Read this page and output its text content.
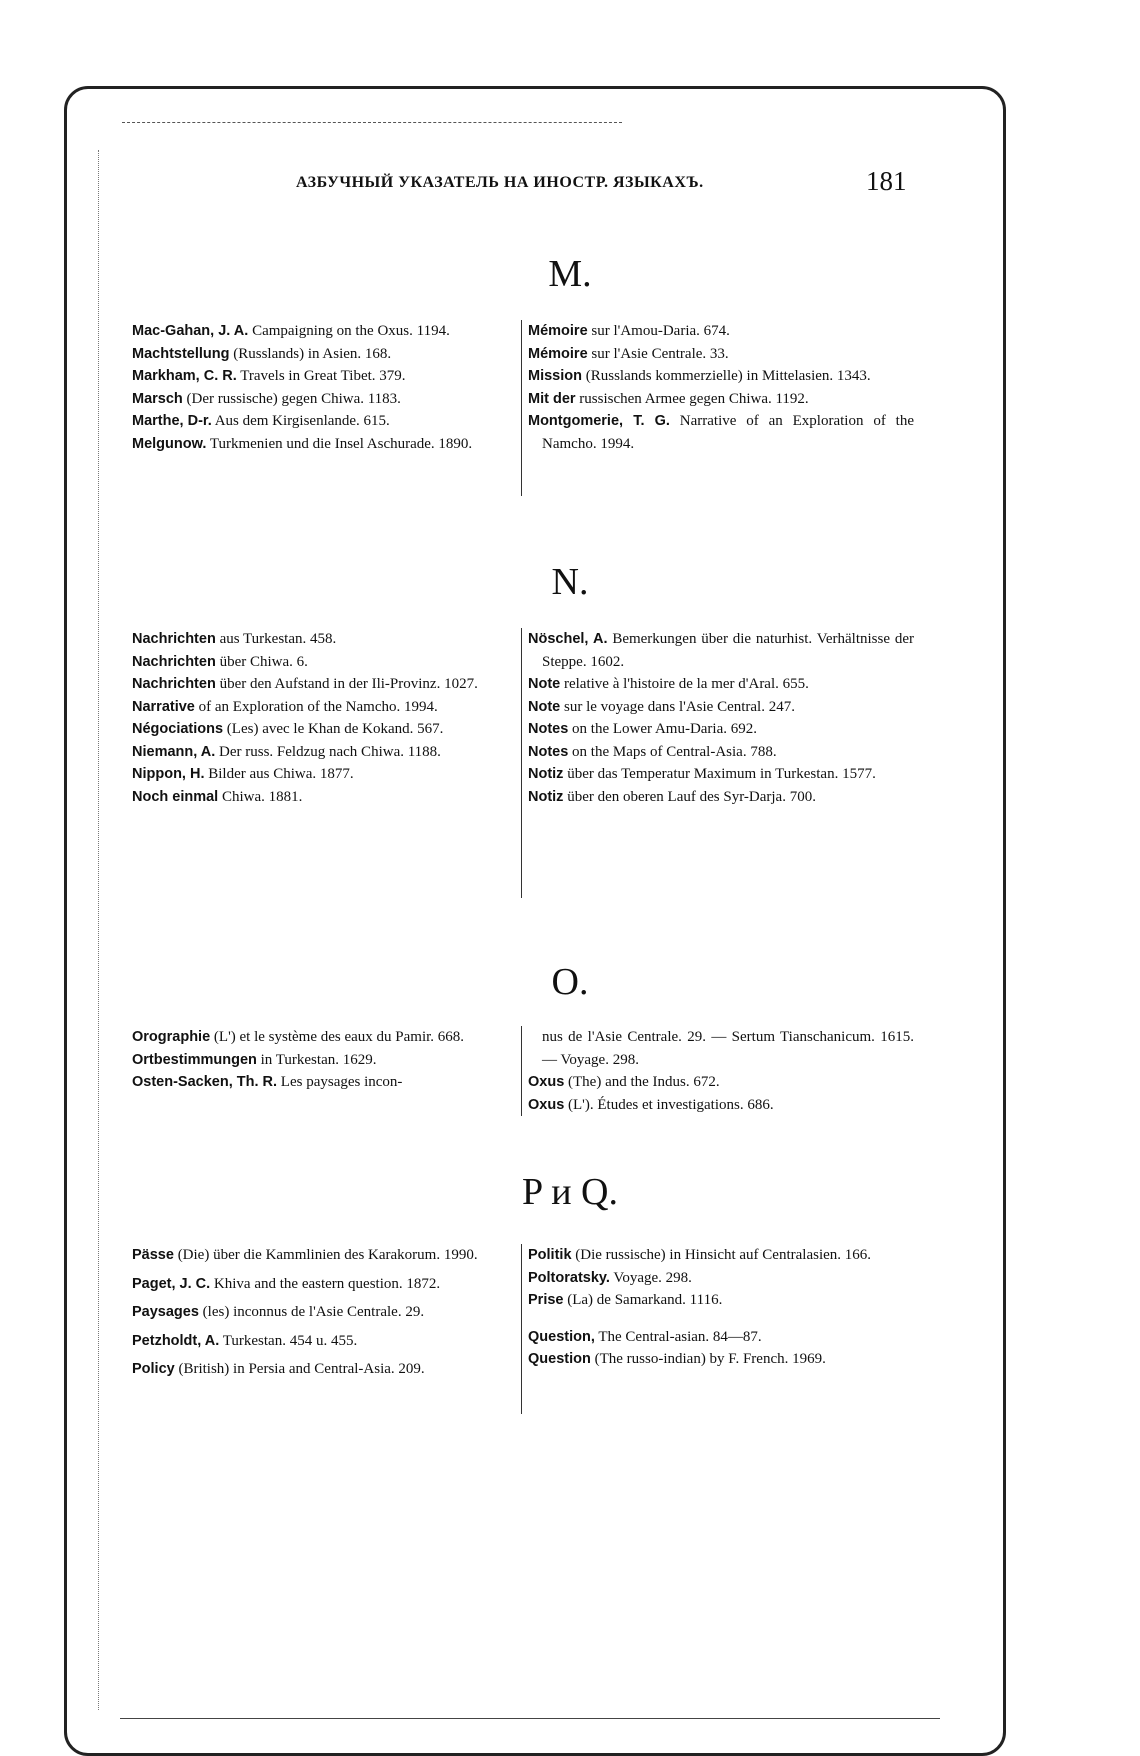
АЗБУЧНЫЙ УКАЗАТЕЛЬ НА ИНОСТР. ЯЗЫКАХЪ.	181
M.
Mac-Gahan, J. A. Campaigning on the Oxus. 1194.
Machtstellung (Russlands) in Asien. 168.
Markham, C. R. Travels in Great Tibet. 379.
Marsch (Der russische) gegen Chiwa. 1183.
Marthe, D-r. Aus dem Kirgisenlande. 615.
Melgunow. Turkmenien und die Insel Aschurade. 1890.
Mémoire sur l'Amou-Daria. 674.
Mémoire sur l'Asie Centrale. 33.
Mission (Russlands kommerzielle) in Mittelasien. 1343.
Mit der russischen Armee gegen Chiwa. 1192.
Montgomerie, T. G. Narrative of an Exploration of the Namcho. 1994.
N.
Nachrichten aus Turkestan. 458.
Nachrichten über Chiwa. 6.
Nachrichten über den Aufstand in der Ili-Provinz. 1027.
Narrative of an Exploration of the Namcho. 1994.
Négociations (Les) avec le Khan de Kokand. 567.
Niemann, A. Der russ. Feldzug nach Chiwa. 1188.
Nippon, H. Bilder aus Chiwa. 1877.
Noch einmal Chiwa. 1881.
Nöschel, A. Bemerkungen über die naturhist. Verhältnisse der Steppe. 1602.
Note relative à l'histoire de la mer d'Aral. 655.
Note sur le voyage dans l'Asie Central. 247.
Notes on the Lower Amu-Daria. 692.
Notes on the Maps of Central-Asia. 788.
Notiz über das Temperatur Maximum in Turkestan. 1577.
Notiz über den oberen Lauf des Syr-Darja. 700.
O.
Orographie (L') et le système des eaux du Pamir. 668.
Ortbestimmungen in Turkestan. 1629.
Osten-Sacken, Th. R. Les paysages incon-
nus de l'Asie Centrale. 29. — Sertum Tianschanicum. 1615. — Voyage. 298.
Oxus (The) and the Indus. 672.
Oxus (L'). Études et investigations. 686.
P и Q.
Pässe (Die) über die Kammlinien des Karakorum. 1990.
Paget, J. C. Khiva and the eastern question. 1872.
Paysages (les) inconnus de l'Asie Centrale. 29.
Petzholdt, A. Turkestan. 454 u. 455.
Policy (British) in Persia and Central-Asia. 209.
Politik (Die russische) in Hinsicht auf Centralasien. 166.
Poltoratsky. Voyage. 298.
Prise (La) de Samarkand. 1116.
Question, The Central-asian. 84—87.
Question (The russo-indian) by F. French. 1969.
